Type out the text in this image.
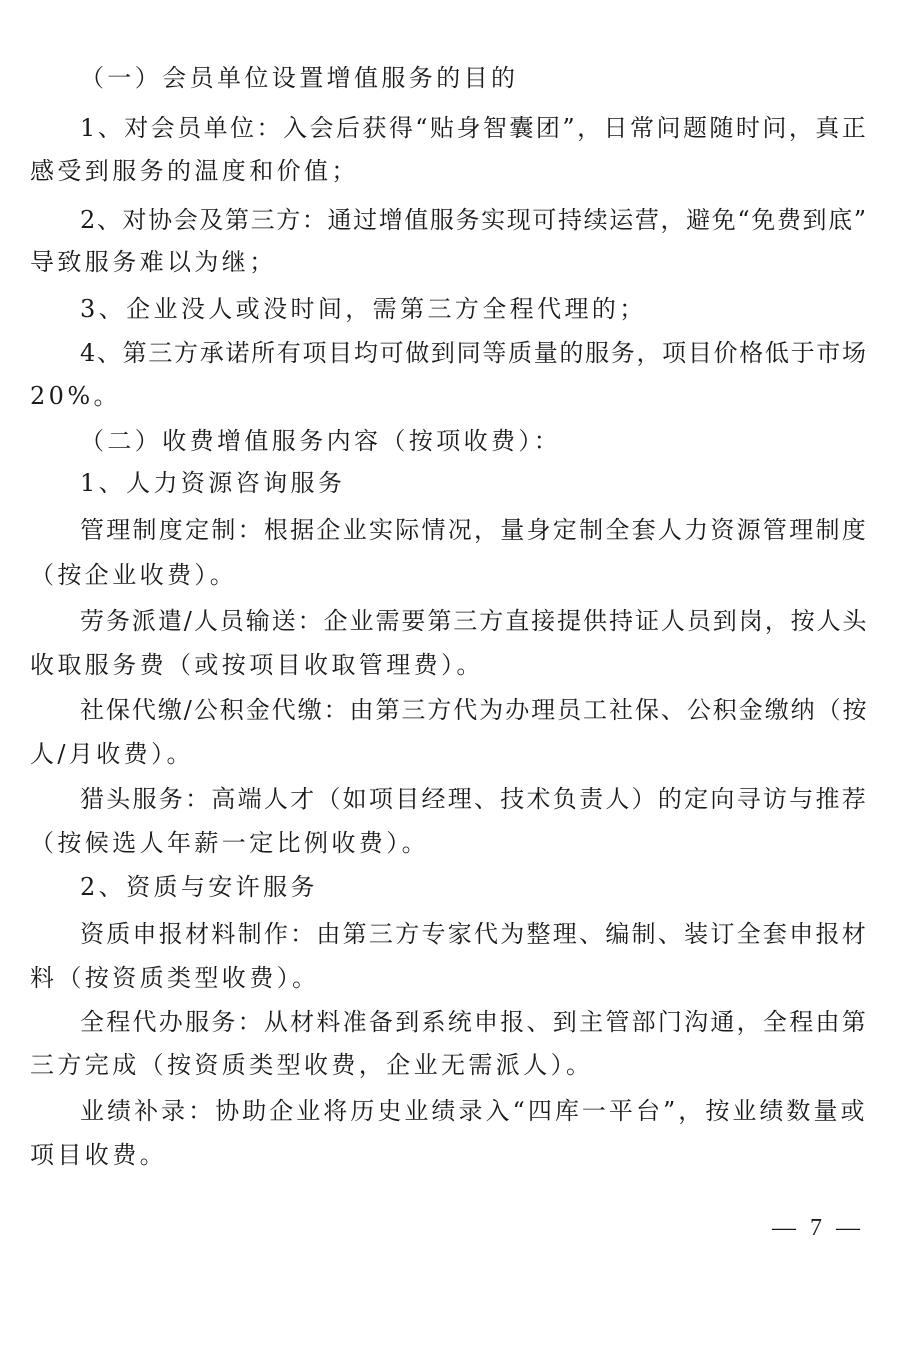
（一）会员单位设置增值服务的目的
1、对会员单位：入会后获得“贴身智囊团”，日常问题随时问，真正
感受到服务的温度和价值；
2、对协会及第三方：通过增值服务实现可持续运营，避免“免费到底”
导致服务难以为继；
3、企业没人或没时间，需第三方全程代理的；
4、第三方承诺所有项目均可做到同等质量的服务，项目价格低于市场
20%。
（二）收费增值服务内容（按项收费）：
1、人力资源咨询服务
管理制度定制：根据企业实际情况，量身定制全套人力资源管理制度
（按企业收费）。
劳务派遣/人员输送：企业需要第三方直接提供持证人员到岗，按人头
收取服务费（或按项目收取管理费）。
社保代缴/公积金代缴：由第三方代为办理员工社保、公积金缴纳（按
人/月收费）。
猎头服务：高端人才（如项目经理、技术负责人）的定向寻访与推荐
（按候选人年薪一定比例收费）。
2、资质与安许服务
资质申报材料制作：由第三方专家代为整理、编制、装订全套申报材
料（按资质类型收费）。
全程代办服务：从材料准备到系统申报、到主管部门沟通，全程由第
三方完成（按资质类型收费，企业无需派人）。
业绩补录：协助企业将历史业绩录入“四库一平台”，按业绩数量或
项目收费。
— 7 —
